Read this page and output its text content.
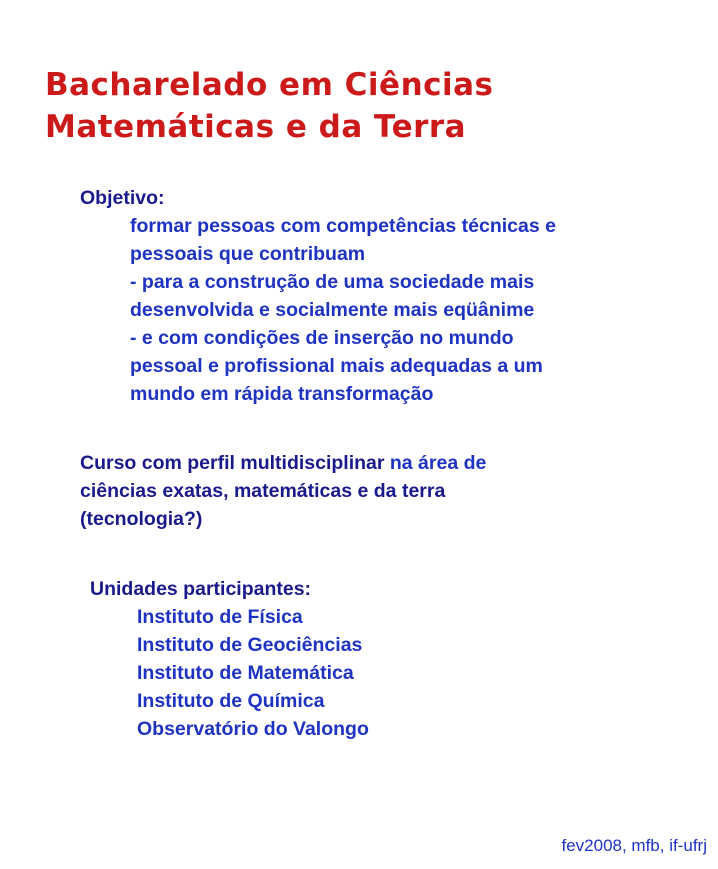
Bacharelado em Ciências
Matemáticas e da Terra
Objetivo:
formar pessoas com competências técnicas e
pessoais que contribuam
- para a construção de uma sociedade mais
desenvolvida e socialmente mais eqüânime
- e com condições de inserção no mundo
pessoal e profissional mais adequadas a um
mundo em rápida transformação
Curso com perfil multidisciplinar na área de
ciências exatas, matemáticas e da terra
(tecnologia?)
Unidades participantes:
Instituto de Física
Instituto de Geociências
Instituto de Matemática
Instituto de Química
Observatório do Valongo
fev2008, mfb, if-ufrj
